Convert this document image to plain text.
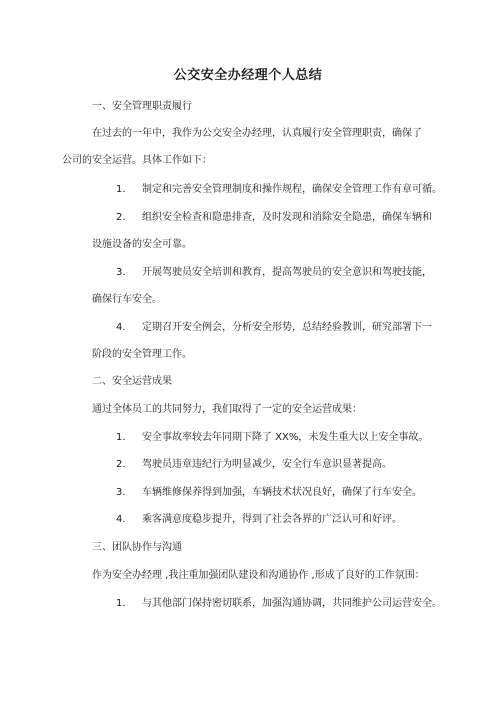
公交安全办经理个人总结
一、安全管理职责履行
在过去的一年中，我作为公交安全办经理，认真履行安全管理职责，确保了
公司的安全运营。具体工作如下：
1. 制定和完善安全管理制度和操作规程，确保安全管理工作有章可循。
2. 组织安全检查和隐患排查，及时发现和消除安全隐患，确保车辆和
设施设备的安全可靠。
3. 开展驾驶员安全培训和教育，提高驾驶员的安全意识和驾驶技能，
确保行车安全。
4. 定期召开安全例会，分析安全形势，总结经验教训，研究部署下一
阶段的安全管理工作。
二、安全运营成果
通过全体员工的共同努力，我们取得了一定的安全运营成果：
1. 安全事故率较去年同期下降了 XX%，未发生重大以上安全事故。
2. 驾驶员违章违纪行为明显减少，安全行车意识显著提高。
3. 车辆维修保养得到加强，车辆技术状况良好，确保了行车安全。
4. 乘客满意度稳步提升，得到了社会各界的广泛认可和好评。
三、团队协作与沟通
作为安全办经理 ,我注重加强团队建设和沟通协作 ,形成了良好的工作氛围：
1. 与其他部门保持密切联系，加强沟通协调，共同维护公司运营安全。
